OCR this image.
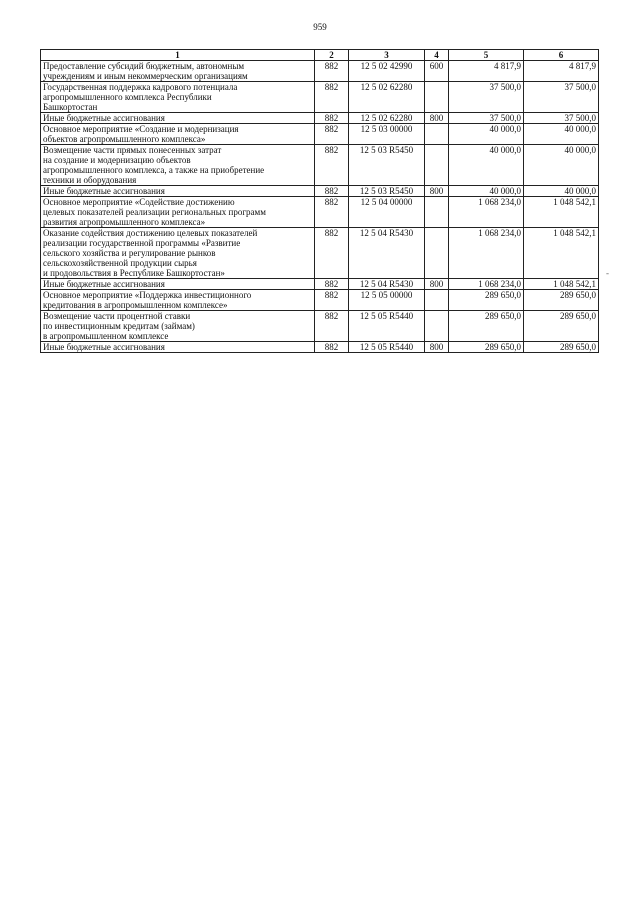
959
1	2	3	4	5	6

Предоставление субсидий бюджетным, автономным
учреждениям и иным некоммерческим организациям	882	12 5 02 42990	600	4 817,9	4 817,9

Государственная поддержка кадрового потенциала
агропромышленного комплекса Республики
Башкортостан	882	12 5 02 62280		37 500,0	37 500,0

Иные бюджетные ассигнования	882	12 5 02 62280	800	37 500,0	37 500,0

Основное мероприятие «Создание и модернизация
объектов агропромышленного комплекса»	882	12 5 03 00000		40 000,0	40 000,0

Возмещение части прямых понесенных затрат
на создание и модернизацию объектов
агропромышленного комплекса, а также на приобретение
техники и оборудования	882	12 5 03 R5450		40 000,0	40 000,0

Иные бюджетные ассигнования	882	12 5 03 R5450	800	40 000,0	40 000,0

Основное мероприятие «Содействие достижению
целевых показателей реализации региональных программ
развития агропромышленного комплекса»	882	12 5 04 00000		1 068 234,0	1 048 542,1

Оказание содействия достижению целевых показателей
реализации государственной программы «Развитие
сельского хозяйства и регулирование рынков
сельскохозяйственной продукции сырья
и продовольствия в Республике Башкортостан»	882	12 5 04 R5430		1 068 234,0	1 048 542,1

Иные бюджетные ассигнования	882	12 5 04 R5430	800	1 068 234,0	1 048 542,1

Основное мероприятие «Поддержка инвестиционного
кредитования в агропромышленном комплексе»	882	12 5 05 00000		289 650,0	289 650,0

Возмещение части процентной ставки
по инвестиционным кредитам (займам)
в агропромышленном комплексе	882	12 5 05 R5440		289 650,0	289 650,0

Иные бюджетные ассигнования	882	12 5 05 R5440	800	289 650,0	289 650,0
-
